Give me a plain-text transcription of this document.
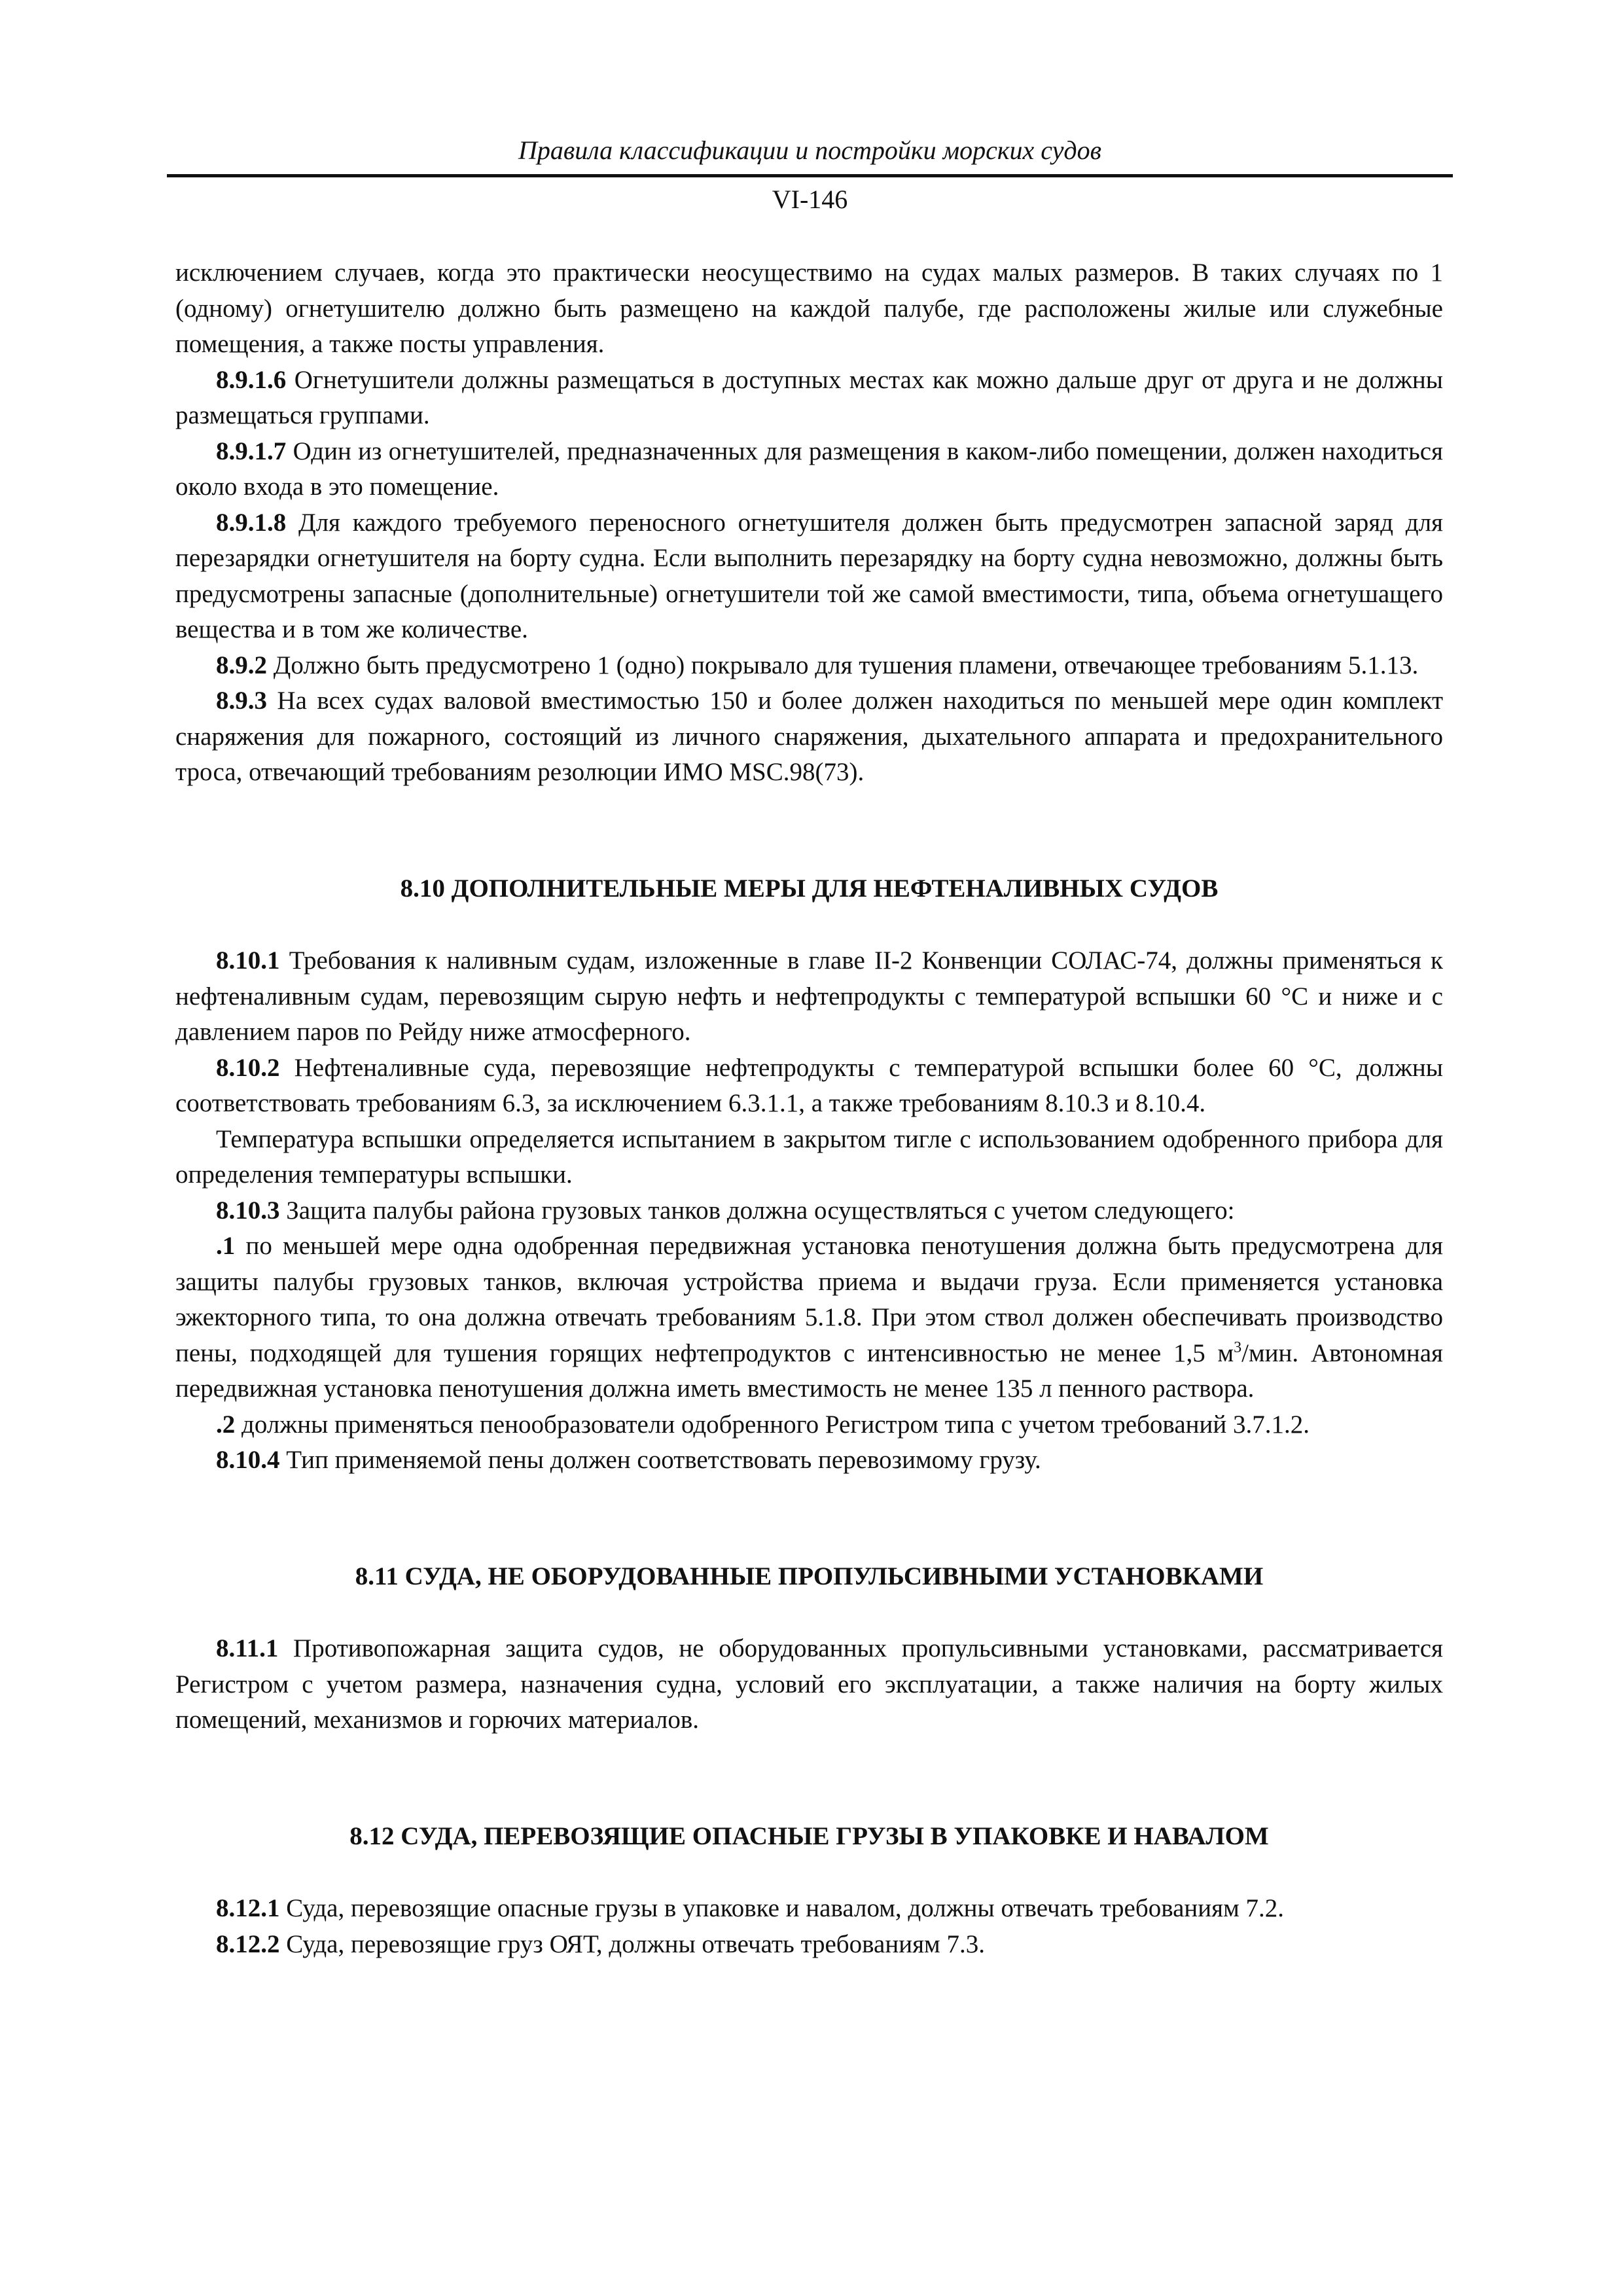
Правила классификации и постройки морских судов
VI-146

исключением случаев, когда это практически неосуществимо на судах малых размеров. В таких случаях по 1 (одному) огнетушителю должно быть размещено на каждой палубе, где расположены жилые или служебные помещения, а также посты управления.

8.9.1.6 Огнетушители должны размещаться в доступных местах как можно дальше друг от друга и не должны размещаться группами.

8.9.1.7 Один из огнетушителей, предназначенных для размещения в каком-либо помещении, должен находиться около входа в это помещение.

8.9.1.8 Для каждого требуемого переносного огнетушителя должен быть предусмотрен запасной заряд для перезарядки огнетушителя на борту судна. Если выполнить перезарядку на борту судна невозможно, должны быть предусмотрены запасные (дополнительные) огнетушители той же самой вместимости, типа, объема огнетушащего вещества и в том же количестве.

8.9.2 Должно быть предусмотрено 1 (одно) покрывало для тушения пламени, отвечающее требованиям 5.1.13.

8.9.3 На всех судах валовой вместимостью 150 и более должен находиться по меньшей мере один комплект снаряжения для пожарного, состоящий из личного снаряжения, дыхательного аппарата и предохранительного троса, отвечающий требованиям резолюции ИМО MSC.98(73).

8.10 ДОПОЛНИТЕЛЬНЫЕ МЕРЫ ДЛЯ НЕФТЕНАЛИВНЫХ СУДОВ

8.10.1 Требования к наливным судам, изложенные в главе II-2 Конвенции СОЛАС-74, должны применяться к нефтеналивным судам, перевозящим сырую нефть и нефтепродукты с температурой вспышки 60 °C и ниже и с давлением паров по Рейду ниже атмосферного.

8.10.2 Нефтеналивные суда, перевозящие нефтепродукты с температурой вспышки более 60 °C, должны соответствовать требованиям 6.3, за исключением 6.3.1.1, а также требованиям 8.10.3 и 8.10.4.

Температура вспышки определяется испытанием в закрытом тигле с использованием одобренного прибора для определения температуры вспышки.

8.10.3 Защита палубы района грузовых танков должна осуществляться с учетом следующего:

.1 по меньшей мере одна одобренная передвижная установка пенотушения должна быть предусмотрена для защиты палубы грузовых танков, включая устройства приема и выдачи груза. Если применяется установка эжекторного типа, то она должна отвечать требованиям 5.1.8. При этом ствол должен обеспечивать производство пены, подходящей для тушения горящих нефтепродуктов с интенсивностью не менее 1,5 $м^3$/мин. Автономная передвижная установка пенотушения должна иметь вместимость не менее 135 л пенного раствора.

.2 должны применяться пенообразователи одобренного Регистром типа с учетом требований 3.7.1.2.

8.10.4 Тип применяемой пены должен соответствовать перевозимому грузу.

8.11 СУДА, НЕ ОБОРУДОВАННЫЕ ПРОПУЛЬСИВНЫМИ УСТАНОВКАМИ

8.11.1 Противопожарная защита судов, не оборудованных пропульсивными установками, рассматривается Регистром с учетом размера, назначения судна, условий его эксплуатации, а также наличия на борту жилых помещений, механизмов и горючих материалов.

8.12 СУДА, ПЕРЕВОЗЯЩИЕ ОПАСНЫЕ ГРУЗЫ В УПАКОВКЕ И НАВАЛОМ

8.12.1 Суда, перевозящие опасные грузы в упаковке и навалом, должны отвечать требованиям 7.2.

8.12.2 Суда, перевозящие груз ОЯТ, должны отвечать требованиям 7.3.
